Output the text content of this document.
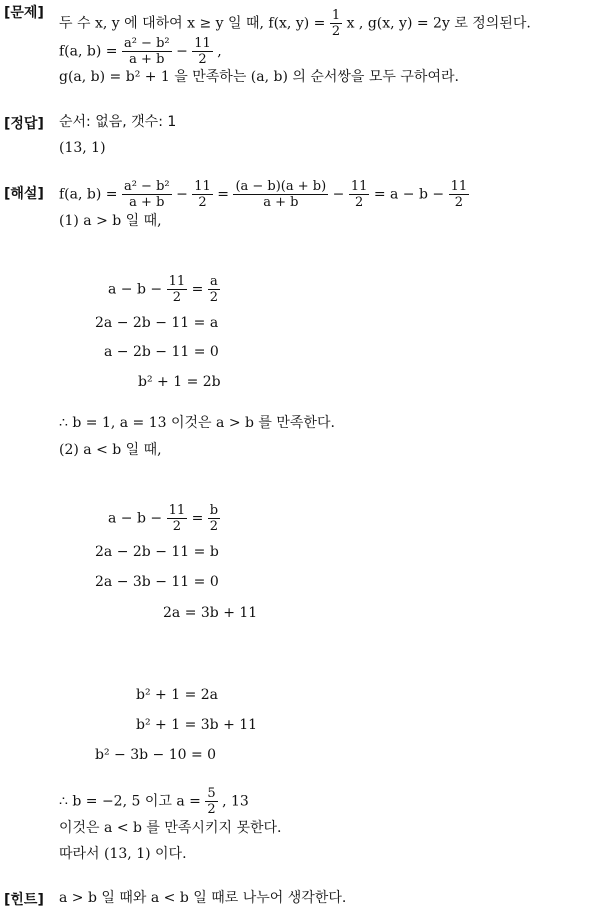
[문제]
두 수 x, y 에 대하여 x ≥ y 일 때, f(x, $y) = \frac{1}{2}$ x , g(x, y) = 2y 로 정의된다.
f(a, $b) = \frac{\text{a² − b²}}{a + b} - \frac{11}{2}$ ,
g(a, b) = b² + 1 을 만족하는 (a, b) 의 순서쌍을 모두 구하여라.
[정답] 순서: 없음, 갯수: 1
(13, 1)
[해설] f(a, $b) = \frac{\text{a² − b²}}{a + b} - \frac{11}{2} = \frac{(a - b)(a + b)}{a + b} - \frac{11}{2} = a - b - \frac{11}{2}$
(1) a > b 일 때,
$a - b - \frac{11}{2} = \frac{a}{2}$
2a − 2b − 11 = a
a − 2b − 11 = 0
b² + 1 = 2b
∴ b = 1, a = 13 이것은 a > b 를 만족한다.
(2) a < b 일 때,
$a - b - \frac{11}{2} = \frac{b}{2}$
2a − 2b − 11 = b
2a − 3b − 11 = 0
2a = 3b + 11
b² + 1 = 2a
b² + 1 = 3b + 11
b² − 3b − 10 = 0
∴ b = −2, 5 이고 $a = \frac{5}{2}$ , 13
이것은 a < b 를 만족시키지 못한다.
따라서 (13, 1) 이다.
[힌트] a > b 일 때와 a < b 일 때로 나누어 생각한다.
